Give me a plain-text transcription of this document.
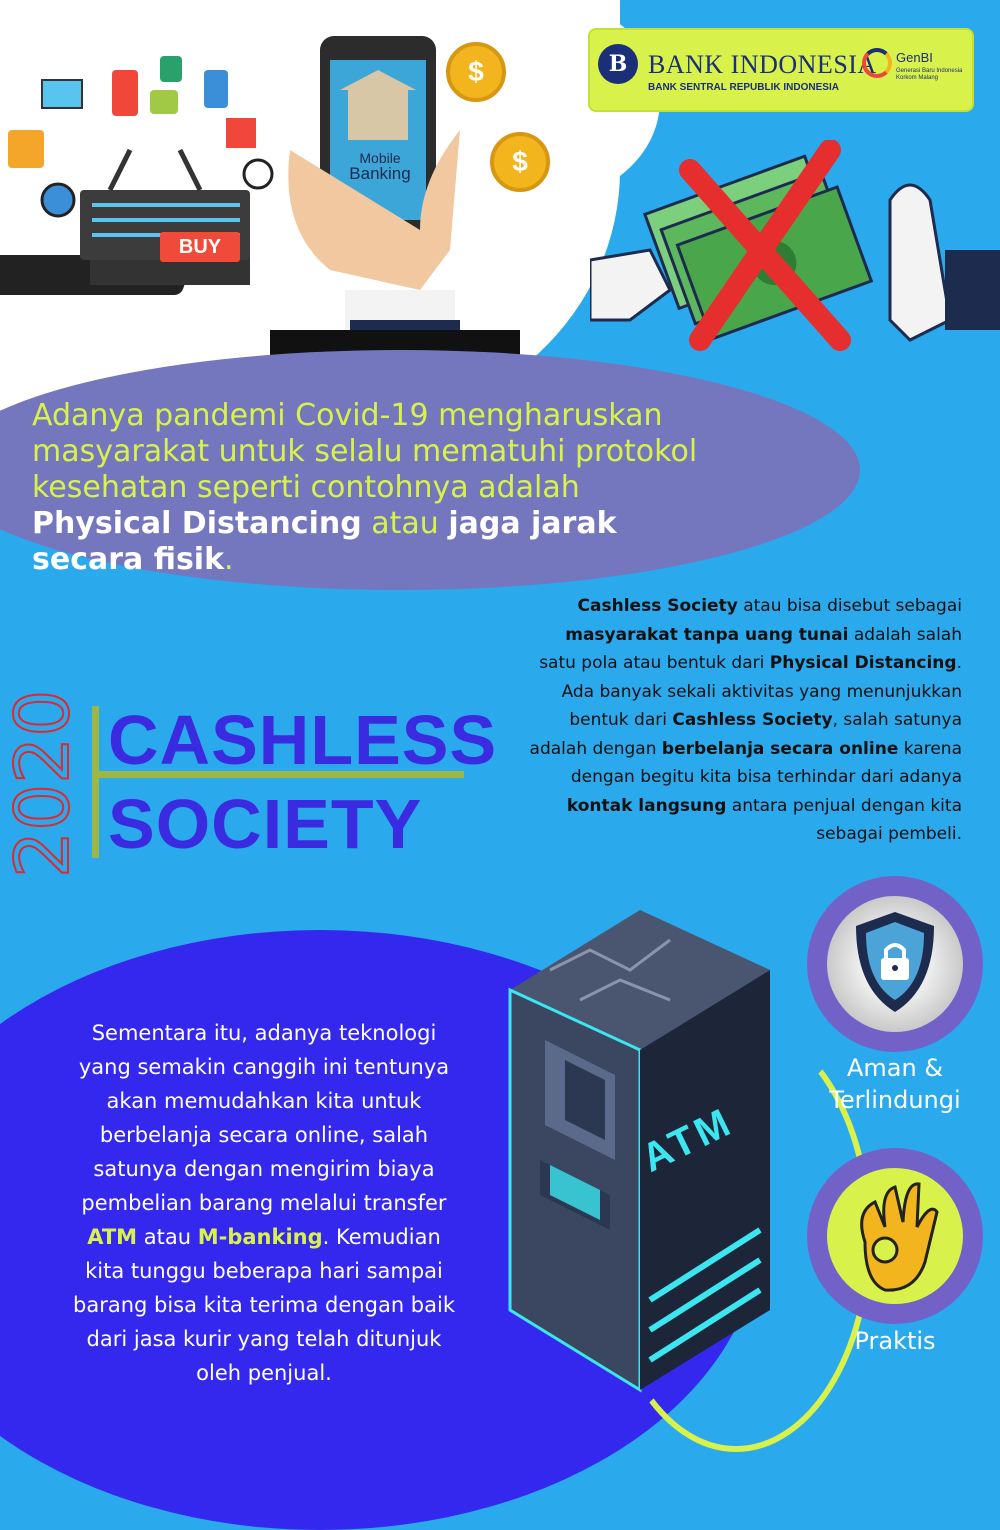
BUY
Mobile
Banking
$
$
B BANK INDONESIA
BANK SENTRAL REPUBLIK INDONESIA
GenBI
Generasi Baru Indonesia Korkom Malang
Adanya pandemi Covid-19 mengharuskan
masyarakat untuk selalu mematuhi protokol
kesehatan seperti contohnya adalah
Physical Distancing atau jaga jarak
secara fisik.
Cashless Society atau bisa disebut sebagai
masyarakat tanpa uang tunai adalah salah
satu pola atau bentuk dari Physical Distancing.
Ada banyak sekali aktivitas yang menunjukkan
bentuk dari Cashless Society, salah satunya
adalah dengan berbelanja secara online karena
dengan begitu kita bisa terhindar dari adanya
kontak langsung antara penjual dengan kita
sebagai pembeli.
2020 CASHLESS
SOCIETY
ATM
Sementara itu, adanya teknologi
yang semakin canggih ini tentunya
akan memudahkan kita untuk
berbelanja secara online, salah
satunya dengan mengirim biaya
pembelian barang melalui transfer
ATM atau M-banking. Kemudian
kita tunggu beberapa hari sampai
barang bisa kita terima dengan baik
dari jasa kurir yang telah ditunjuk
oleh penjual.
Aman &
Terlindungi
Praktis
